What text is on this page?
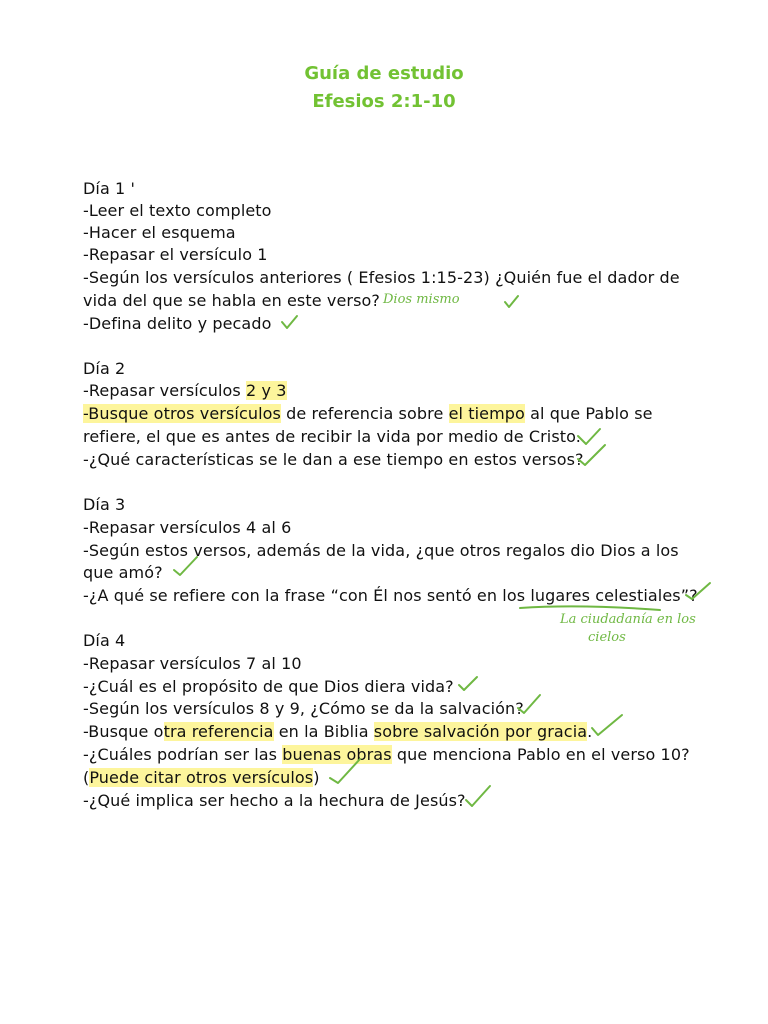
Guía de estudio
Efesios 2:1-10
Día 1 '
-Leer el texto completo
-Hacer el esquema
-Repasar el versículo 1
-Según los versículos anteriores ( Efesios 1:15-23) ¿Quién fue el dador de
vida del que se habla en este verso?
-Defina delito y pecado
Dios mismo
Día 2
-Repasar versículos 2 y 3
-Busque otros versículos de referencia sobre el tiempo al que Pablo se
refiere, el que es antes de recibir la vida por medio de Cristo.
-¿Qué características se le dan a ese tiempo en estos versos?
Día 3
-Repasar versículos 4 al 6
-Según estos versos, además de la vida, ¿que otros regalos dio Dios a los
que amó?
-¿A qué se refiere con la frase “con Él nos sentó en los lugares celestiales”?
La ciudadanía en los
cielos
Día 4
-Repasar versículos 7 al 10
-¿Cuál es el propósito de que Dios diera vida?
-Según los versículos 8 y 9, ¿Cómo se da la salvación?
-Busque otra referencia en la Biblia sobre salvación por gracia.
-¿Cuáles podrían ser las buenas obras que menciona Pablo en el verso 10?
(Puede citar otros versículos)
-¿Qué implica ser hecho a la hechura de Jesús?
